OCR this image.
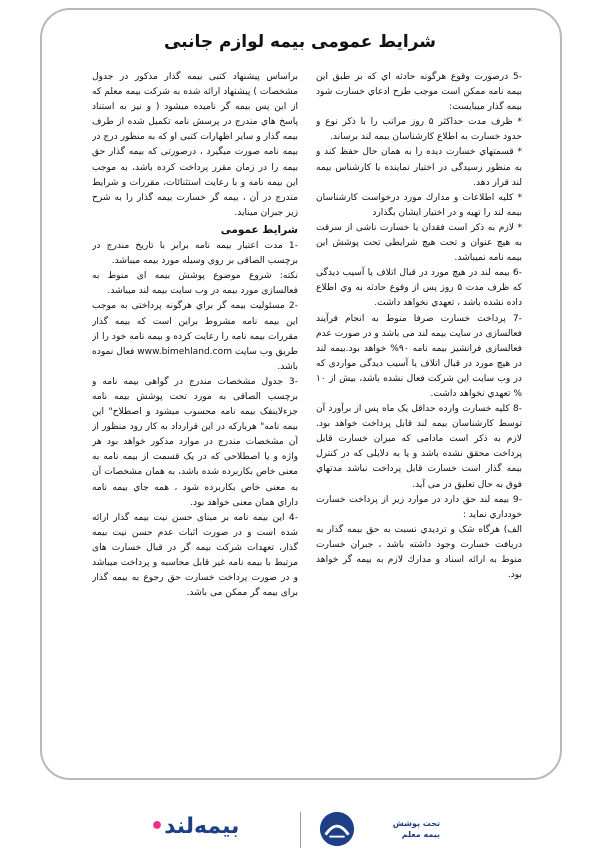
شرایط عمومی بیمه لوازم جانبی

براساس پیشنهاد کتبی بیمه گذار مذکور در جدول مشخصات ) پیشنهاد ارائه شده به شرکت بیمه معلم که از این پس بیمه گر نامیده میشود ( و نیز به استناد پاسخ هاي مندرج در پرسش نامه تکمیل شده از طرف بیمه گذار و سایر اظهارات کتبی او که به منظور درج در بیمه نامه صورت میگیرد ، درصورتی که بیمه گذار حق بیمه را در زمان مقرر پرداخت کرده باشد، به موجب این بیمه نامه و با رعایت استثنائات، مقررات و شرایط مندرج در آن ، بیمه گر خسارت بیمه گذار را به شرح زیر جبران میناید.

شرایط عمومی

-1 مدت اعتبار بیمه نامه برابر با تاریخ مندرج در برچسب الصاقی بر روی وسیله مورد بیمه میباشد.

نکته: شروع موضوع پوشش بیمه ای منوط به فعالسازی مورد بیمه در وب سایت بیمه لند میباشد.

-2 مسئولیت بیمه گر براي هرگونه پرداختی به موجب این بیمه نامه مشروط براین است که بیمه گذار مقررات بیمه نامه را رعایت کرده و بیمه نامه خود را از طریق وب سایت www.bimehland.com فعال نموده باشد.

-3 جدول مشخصات مندرج در گواهی بیمه نامه و برچسب الصاقی به مورد تحت پوشش بیمه نامه جزءلاینفک بیمه نامه محسوب میشود و اصطلاح" این بیمه نامه" هرباركه در این قرارداد به کار رود منظور از آن مشخصات مندرج در موارد مذکور خواهد بود هر واژه و یا اصطلاحی که در یک قسمت از بیمه نامه به معنی خاص بکاربرده شده باشد، به همان مشخصات آن به معنی خاص بکاربرده شود ، همه جاي بیمه نامه داراي همان معنی خواهد بود.

-4 این بیمه نامه بر مبنای حسن نیت بیمه گذار ارائه شده است و در صورت اثبات عدم حسن نیت بیمه گذار، تعهدات شرکت بیمه گر در قبال خسارت های مرتبط با بیمه نامه غیر قابل محاسبه و پرداخت میباشد و در صورت پرداخت خسارت حق رجوع به بیمه گذار برای بیمه گر ممکن می باشد.

-5 درصورت وقوع هرگونه حادثه اي که بر طبق این بیمه نامه ممکن است موجب طرح ادعاي خسارت شود بیمه گذار میبایست:

* ظرف مدت حداکثر ۵ روز مراتب را با ذکر نوع و حدود خسارت به اطلاع کارشناسان بیمه لند برساند.

* قسمتهاي خسارت دیده را به همان حال حفظ کند و به منظور رسیدگی در اختیار نماینده یا کارشناس بیمه لند قرار دهد.

* کلیه اطلاعات و مدارك مورد درخواست کارشناسان بیمه لند را تهیه و در اختیار ایشان بگذارد

* لازم به ذکر است فقدان یا خسارت ناشی از سرقت به هیچ عنوان و تحت هیچ شرایطی تحت پوشش این بیمه نامه نمیباشد.

-6 بیمه لند در هیچ مورد در قبال اتلاف یا آسیب دیدگی که ظرف مدت ۵ روز پس از وقوع حادثه به وي اطلاع داده نشده باشد ، تعهدي نخواهد داشت.

-7 پرداخت خسارت صرفا منوط به انجام فرآیند فعالسازی در سایت بیمه لند می باشد و در صورت عدم فعالسازی فرانشیز بیمه نامه ۹۰% خواهد بود.بیمه لند در هیچ مورد در قبال اتلاف یا آسیب دیدگی مواردی که در وب سایت این شرکت فعال نشده باشد، بیش از ۱۰ % تعهدي نخواهد داشت.

-8 کلیه خسارت وارده حداقل یک ماه پس از برآورد آن توسط کارشناسان بیمه لند قابل پرداخت خواهد بود. لازم به ذکر است مادامی که میزان خسارت قابل پرداخت محقق نشده باشد و یا به دلایلی که در کنترل بیمه گذار است خسارت قابل پرداخت نباشد مدتهاي فوق به حال تعلیق در می آید.

-9 بیمه لند حق دارد در موارد زیر از پرداخت خسارت خودداري نماید :

الف) هرگاه شک و تردیدي نسبت به حق بیمه گذار به دریافت خسارت وجود داشته باشد ، جبران خسارت منوط به ارائه اسناد و مدارك لازم به بیمه گر خواهد بود.

بیمه‌لند•	تحت پوشش
بیمه معلم
